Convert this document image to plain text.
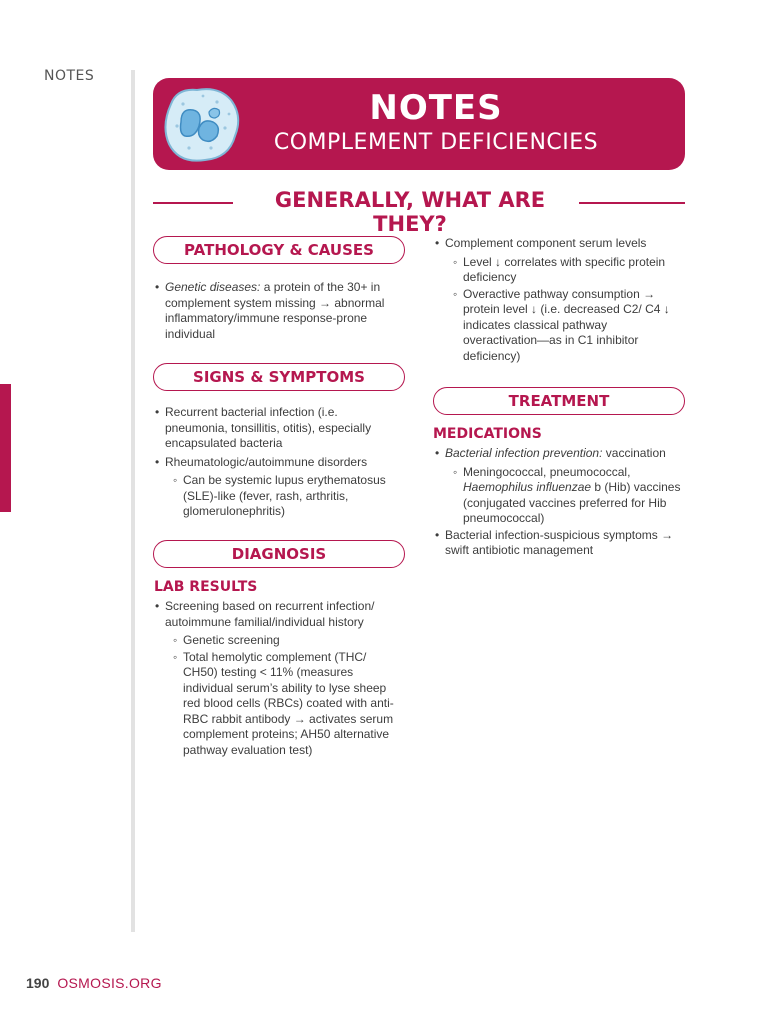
NOTES
NOTES
COMPLEMENT DEFICIENCIES
GENERALLY, WHAT ARE THEY?
PATHOLOGY & CAUSES
• Genetic diseases: a protein of the 30+ in complement system missing → abnormal inflammatory/immune response-prone individual
SIGNS & SYMPTOMS
• Recurrent bacterial infection (i.e. pneumonia, tonsillitis, otitis), especially encapsulated bacteria
• Rheumatologic/autoimmune disorders
◦ Can be systemic lupus erythematosus (SLE)-like (fever, rash, arthritis, glomerulonephritis)
DIAGNOSIS
LAB RESULTS
• Screening based on recurrent infection/ autoimmune familial/individual history
◦ Genetic screening
◦ Total hemolytic complement (THC/ CH50) testing < 11% (measures individual serum’s ability to lyse sheep red blood cells (RBCs) coated with anti-RBC rabbit antibody → activates serum complement proteins; AH50 alternative pathway evaluation test)
• Complement component serum levels
◦ Level ↓ correlates with specific protein deficiency
◦ Overactive pathway consumption → protein level ↓ (i.e. decreased C2/ C4 ↓ indicates classical pathway overactivation—as in C1 inhibitor deficiency)
TREATMENT
MEDICATIONS
• Bacterial infection prevention: vaccination
◦ Meningococcal, pneumococcal, Haemophilus influenzae b (Hib) vaccines (conjugated vaccines preferred for Hib pneumococcal)
• Bacterial infection-suspicious symptoms → swift antibiotic management
190 OSMOSIS.ORG
